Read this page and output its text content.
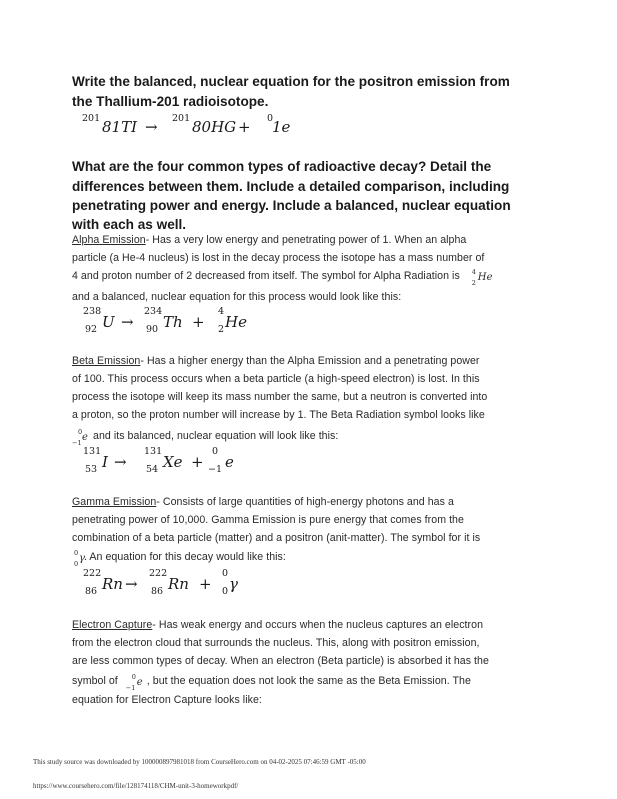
Write the balanced, nuclear equation for the positron emission from
the Thallium-201 radioisotope.
201 81TI → 201 80HG + 0
1e
What are the four common types of radioactive decay? Detail the
differences between them. Include a detailed comparison, including
penetrating power and energy. Include a balanced, nuclear equation
with each as well.
Alpha Emission- Has a very low energy and penetrating power of 1. When an alpha
particle (a He-4 nucleus) is lost in the decay process the isotope has a mass number of
4 and proton number of 2 decreased from itself. The symbol for Alpha Radiation is 4
2 He
and a balanced, nuclear equation for this process would look like this:
238
92 U →
234
90 Th +
4
2 He
Beta Emission- Has a higher energy than the Alpha Emission and a penetrating power
of 100. This process occurs when a beta particle (a high-speed electron) is lost. In this
process the isotope will keep its mass number the same, but a neutron is converted into
a proton, so the proton number will increase by 1. The Beta Radiation symbol looks like
0
−1 e and its balanced, nuclear equation will look like this:
131
53 I →
131
54 Xe +
0
−1 e
Gamma Emission- Consists of large quantities of high-energy photons and has a
penetrating power of 10,000. Gamma Emission is pure energy that comes from the
combination of a beta particle (matter) and a positron (anit-matter). The symbol for it is
0
0 γ
. An equation for this decay would like this:
222
86 Rn →
222
86 Rn +
0
0 γ
Electron Capture- Has weak energy and occurs when the nucleus captures an electron
from the electron cloud that surrounds the nucleus. This, along with positron emission,
are less common types of decay. When an electron (Beta particle) is absorbed it has the
symbol of 0
−1 e , but the equation does not look the same as the Beta Emission. The
equation for Electron Capture looks like:
This study source was downloaded by 100000897981018 from CourseHero.com on 04-02-2025 07:46:59 GMT -05:00
https://www.coursehero.com/file/128174118/CHM-unit-3-homeworkpdf/
